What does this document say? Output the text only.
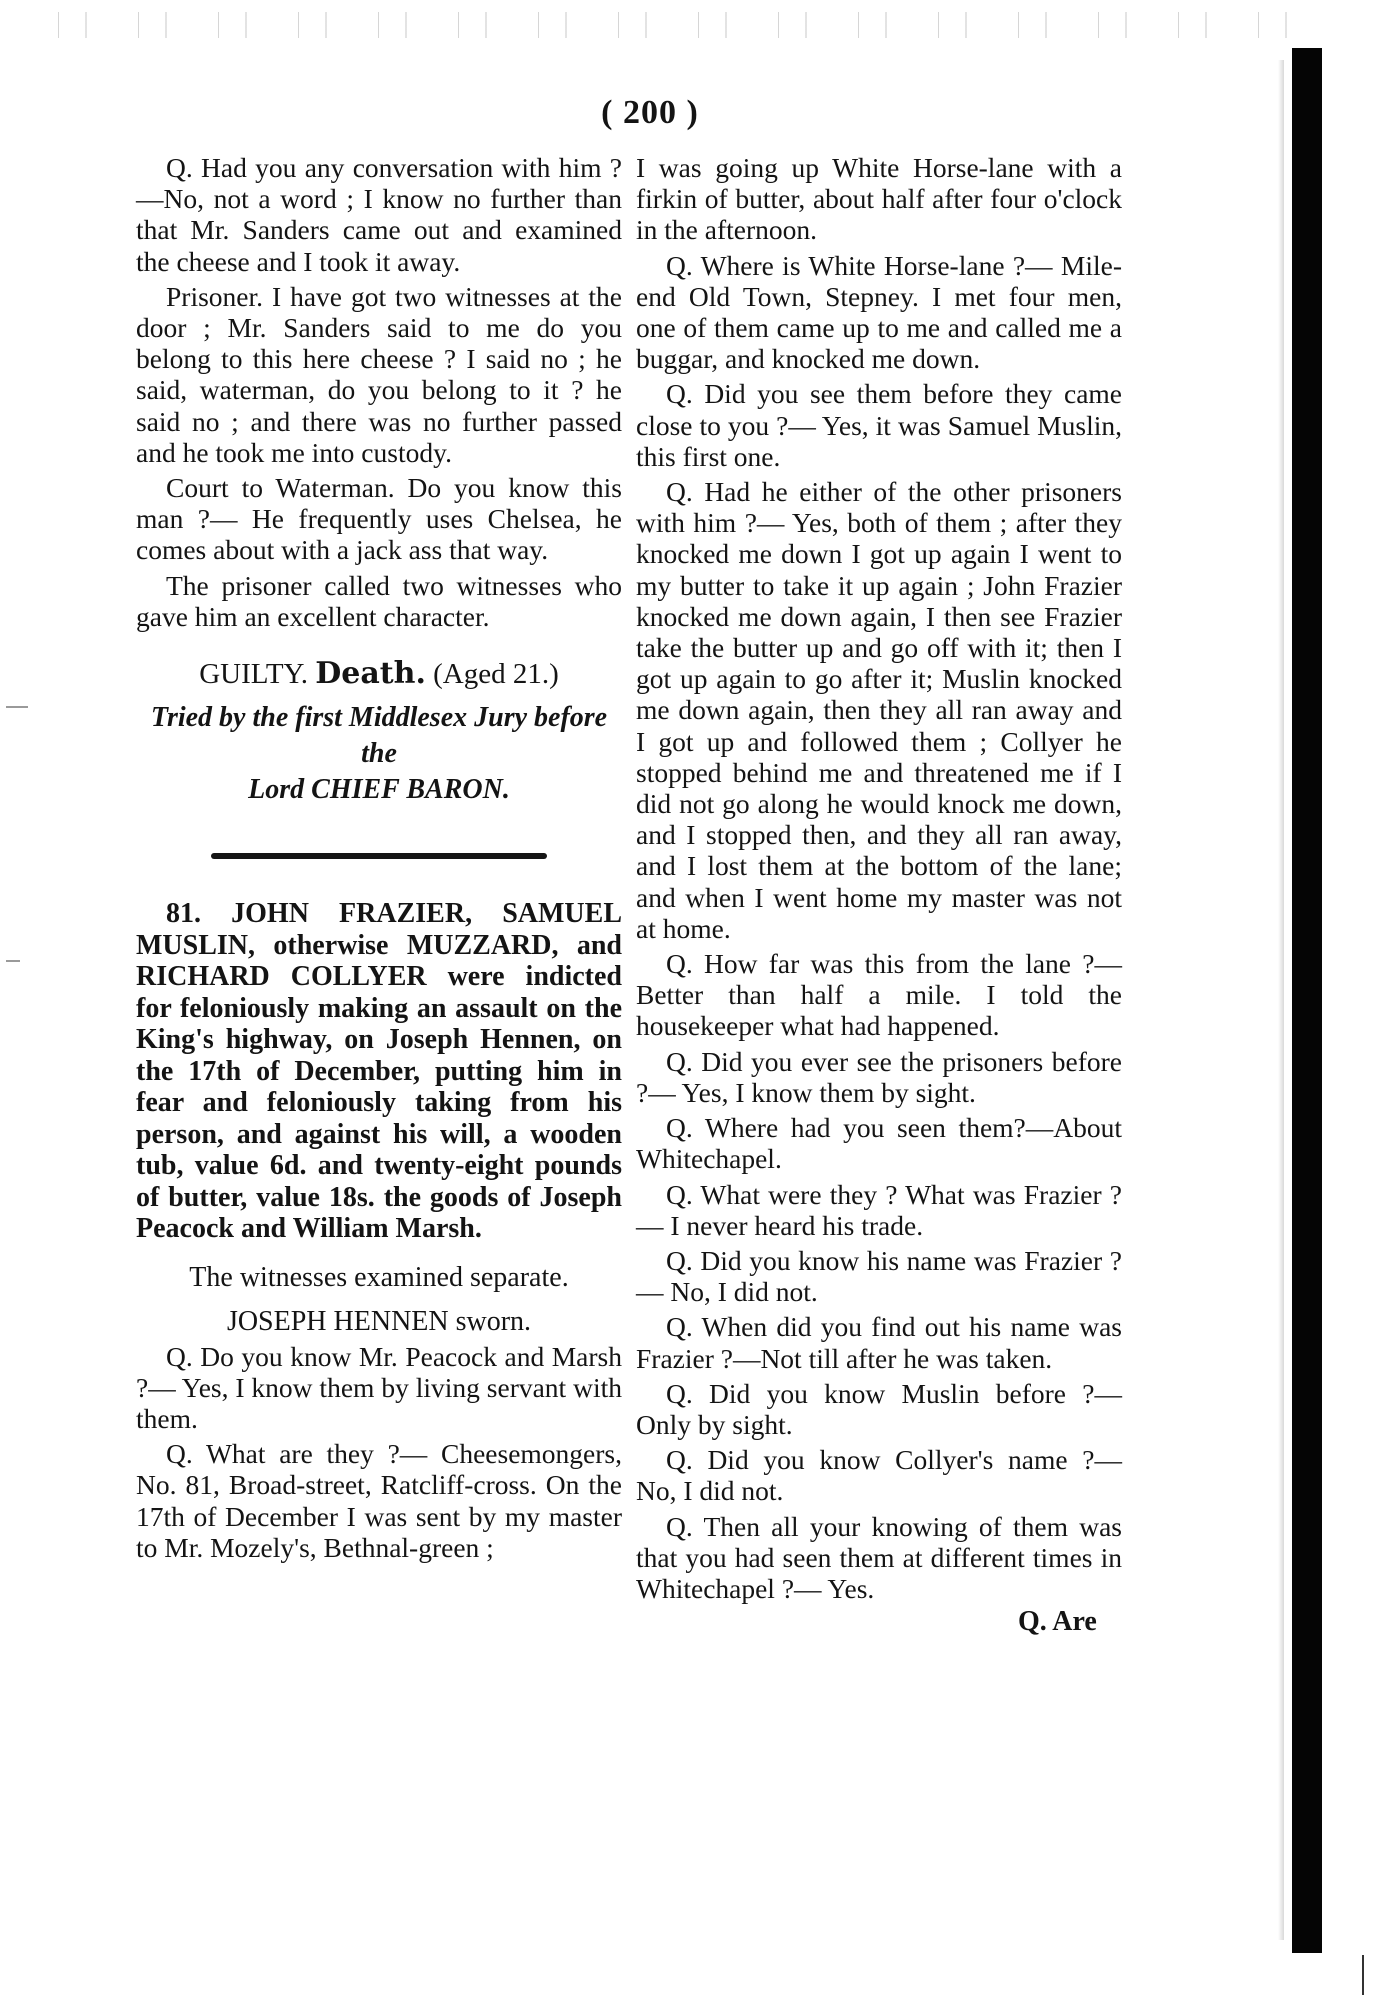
( 200 )

Q. Had you any conversation with him ?—No, not a word ; I know no further than that Mr. Sanders came out and examined the cheese and I took it away.

Prisoner. I have got two witnesses at the door ; Mr. Sanders said to me do you belong to this here cheese ? I said no ; he said, waterman, do you belong to it ? he said no ; and there was no further passed and he took me into custody.

Court to Waterman. Do you know this man ?— He frequently uses Chelsea, he comes about with a jack ass that way.

The prisoner called two witnesses who gave him an excellent character.

GUILTY. Death. (Aged 21.)
Tried by the first Middlesex Jury before the
Lord CHIEF BARON.

81. JOHN FRAZIER, SAMUEL MUSLIN, otherwise MUZZARD, and RICHARD COLLYER were indicted for feloniously making an assault on the King's highway, on Joseph Hennen, on the 17th of December, putting him in fear and feloniously taking from his person, and against his will, a wooden tub, value 6d. and twenty-eight pounds of butter, value 18s. the goods of Joseph Peacock and William Marsh.

The witnesses examined separate.
JOSEPH HENNEN sworn.

Q. Do you know Mr. Peacock and Marsh ?— Yes, I know them by living servant with them.

Q. What are they ?— Cheesemongers, No. 81, Broad-street, Ratcliff-cross. On the 17th of December I was sent by my master to Mr. Mozely's, Bethnal-green ;

I was going up White Horse-lane with a firkin of butter, about half after four o'clock in the afternoon.

Q. Where is White Horse-lane ?— Mile-end Old Town, Stepney. I met four men, one of them came up to me and called me a buggar, and knocked me down.

Q. Did you see them before they came close to you ?— Yes, it was Samuel Muslin, this first one.

Q. Had he either of the other prisoners with him ?— Yes, both of them ; after they knocked me down I got up again I went to my butter to take it up again ; John Frazier knocked me down again, I then see Frazier take the butter up and go off with it; then I got up again to go after it; Muslin knocked me down again, then they all ran away and I got up and followed them ; Collyer he stopped behind me and threatened me if I did not go along he would knock me down, and I stopped then, and they all ran away, and I lost them at the bottom of the lane; and when I went home my master was not at home.

Q. How far was this from the lane ?— Better than half a mile. I told the housekeeper what had happened.

Q. Did you ever see the prisoners before ?— Yes, I know them by sight.

Q. Where had you seen them?—About Whitechapel.

Q. What were they ? What was Frazier ?— I never heard his trade.

Q. Did you know his name was Frazier ?— No, I did not.

Q. When did you find out his name was Frazier ?—Not till after he was taken.

Q. Did you know Muslin before ?— Only by sight.

Q. Did you know Collyer's name ?— No, I did not.

Q. Then all your knowing of them was that you had seen them at different times in Whitechapel ?— Yes.

Q. Are
